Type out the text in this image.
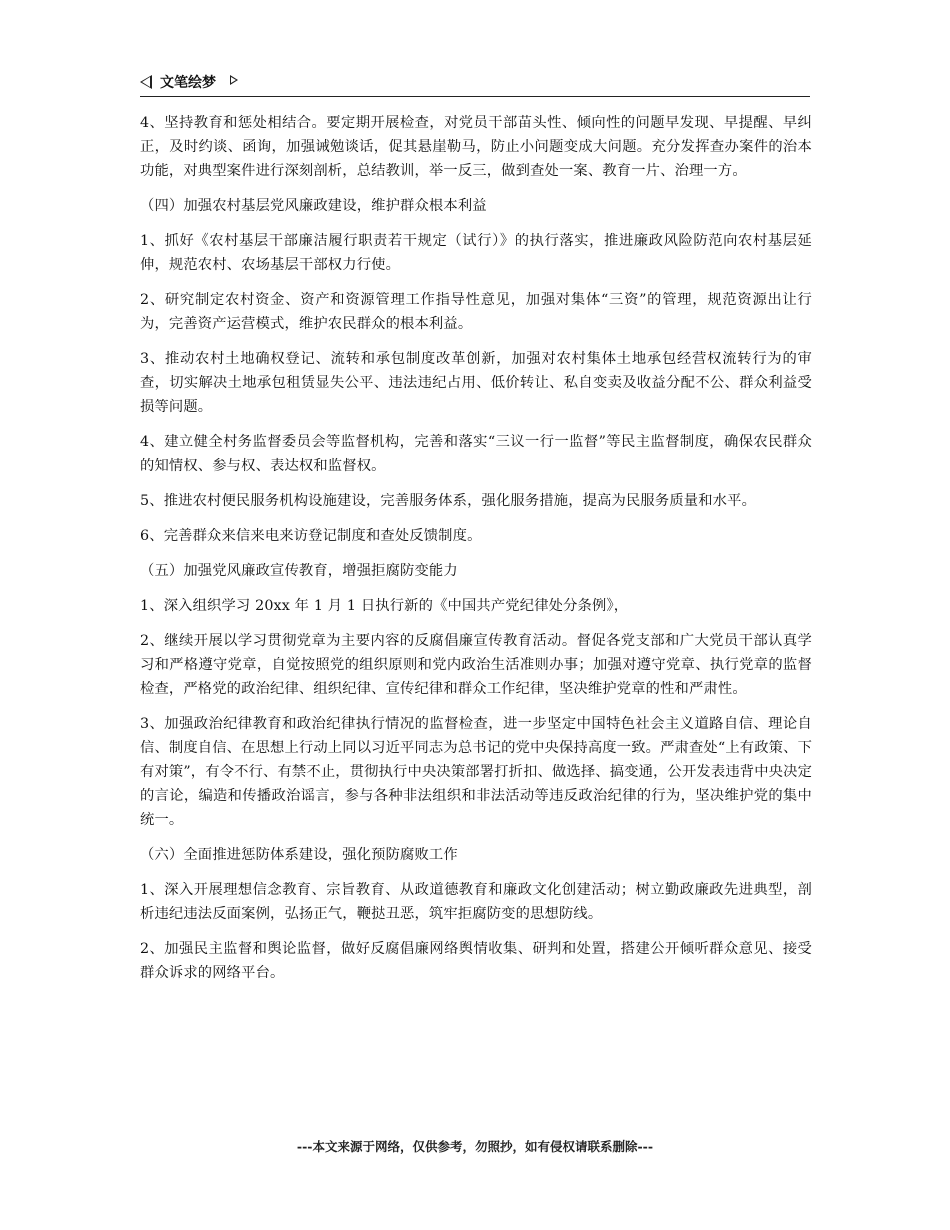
文笔绘梦

4、坚持教育和惩处相结合。要定期开展检查，对党员干部苗头性、倾向性的问题早发现、早提醒、早纠正，及时约谈、函询，加强诫勉谈话，促其悬崖勒马，防止小问题变成大问题。充分发挥查办案件的治本功能，对典型案件进行深刻剖析，总结教训，举一反三，做到查处一案、教育一片、治理一方。

（四）加强农村基层党风廉政建设，维护群众根本利益

1、抓好《农村基层干部廉洁履行职责若干规定（试行）》的执行落实，推进廉政风险防范向农村基层延伸，规范农村、农场基层干部权力行使。

2、研究制定农村资金、资产和资源管理工作指导性意见，加强对集体“三资”的管理，规范资源出让行为，完善资产运营模式，维护农民群众的根本利益。

3、推动农村土地确权登记、流转和承包制度改革创新，加强对农村集体土地承包经营权流转行为的审查，切实解决土地承包租赁显失公平、违法违纪占用、低价转让、私自变卖及收益分配不公、群众利益受损等问题。

4、建立健全村务监督委员会等监督机构，完善和落实“三议一行一监督”等民主监督制度，确保农民群众的知情权、参与权、表达权和监督权。

5、推进农村便民服务机构设施建设，完善服务体系，强化服务措施，提高为民服务质量和水平。

6、完善群众来信来电来访登记制度和查处反馈制度。

（五）加强党风廉政宣传教育，增强拒腐防变能力

1、深入组织学习 20xx 年 1 月 1 日执行新的《中国共产党纪律处分条例》，

2、继续开展以学习贯彻党章为主要内容的反腐倡廉宣传教育活动。督促各党支部和广大党员干部认真学习和严格遵守党章，自觉按照党的组织原则和党内政治生活准则办事；加强对遵守党章、执行党章的监督检查，严格党的政治纪律、组织纪律、宣传纪律和群众工作纪律，坚决维护党章的性和严肃性。

3、加强政治纪律教育和政治纪律执行情况的监督检查，进一步坚定中国特色社会主义道路自信、理论自信、制度自信、在思想上行动上同以习近平同志为总书记的党中央保持高度一致。严肃查处“上有政策、下有对策”，有令不行、有禁不止，贯彻执行中央决策部署打折扣、做选择、搞变通，公开发表违背中央决定的言论，编造和传播政治谣言，参与各种非法组织和非法活动等违反政治纪律的行为，坚决维护党的集中统一。

（六）全面推进惩防体系建设，强化预防腐败工作

1、深入开展理想信念教育、宗旨教育、从政道德教育和廉政文化创建活动；树立勤政廉政先进典型，剖析违纪违法反面案例，弘扬正气，鞭挞丑恶，筑牢拒腐防变的思想防线。

2、加强民主监督和舆论监督，做好反腐倡廉网络舆情收集、研判和处置，搭建公开倾听群众意见、接受群众诉求的网络平台。

---本文来源于网络，仅供参考，勿照抄，如有侵权请联系删除---
